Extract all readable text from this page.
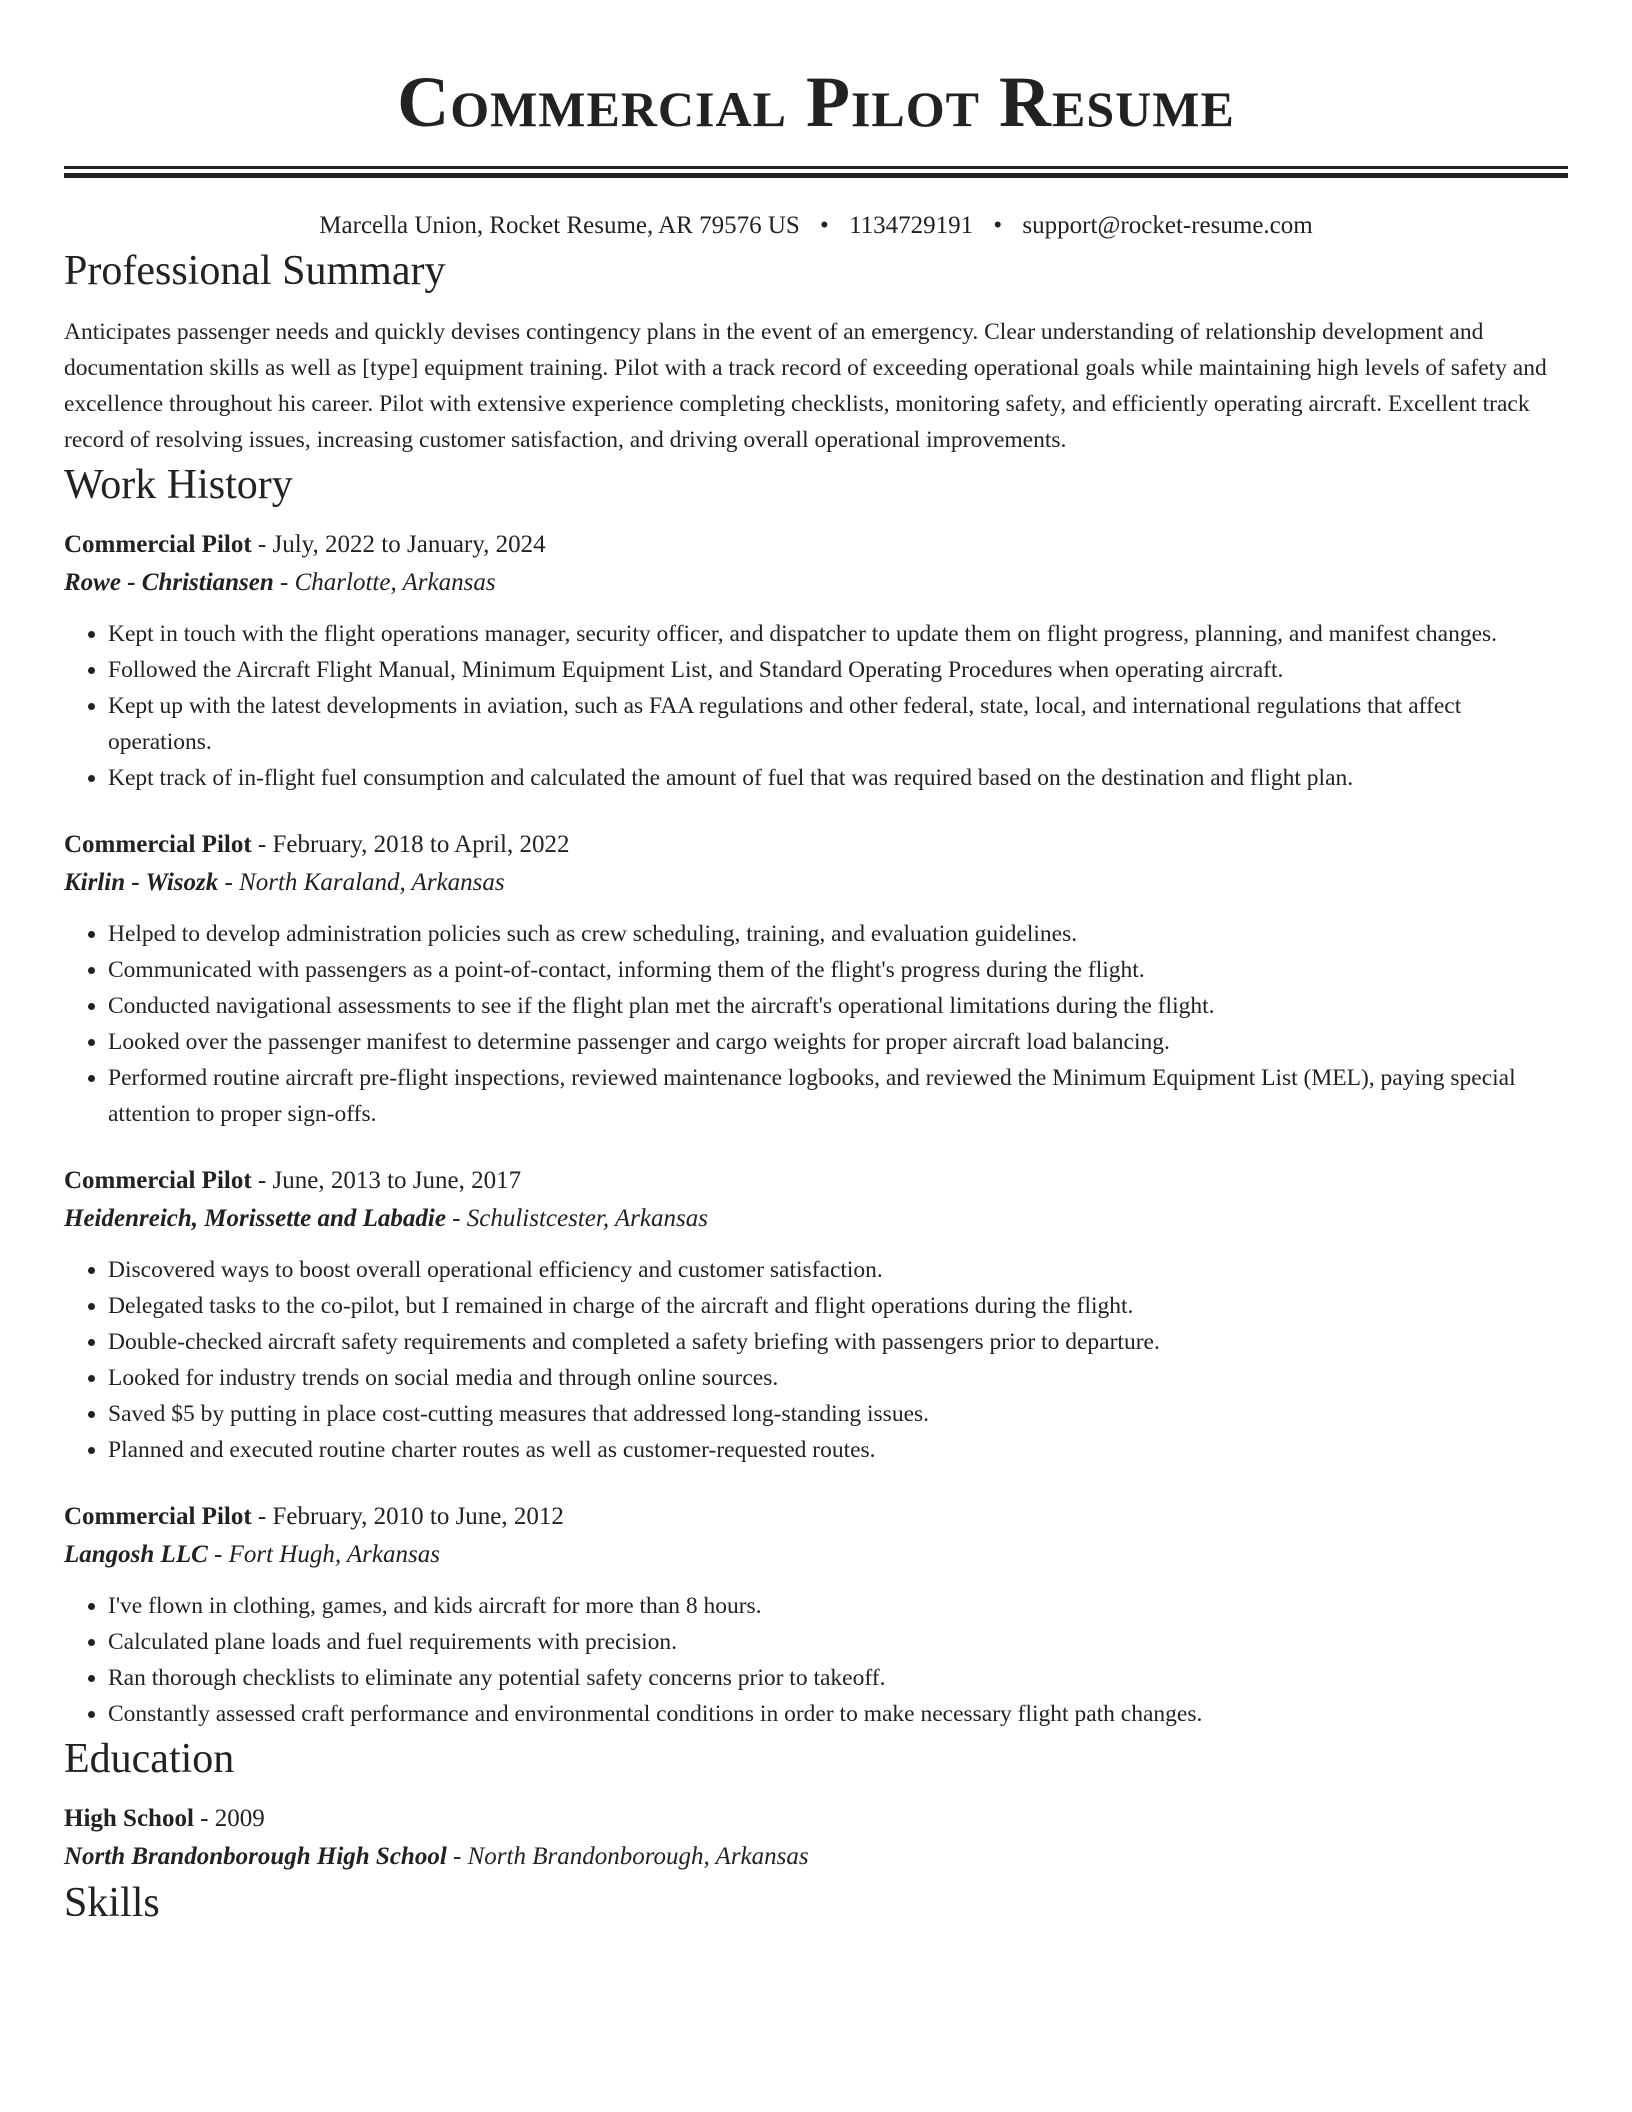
Commercial Pilot Resume
Marcella Union, Rocket Resume, AR 79576 US • 1134729191 • support@rocket-resume.com
Professional Summary
Anticipates passenger needs and quickly devises contingency plans in the event of an emergency. Clear understanding of relationship development and documentation skills as well as [type] equipment training. Pilot with a track record of exceeding operational goals while maintaining high levels of safety and excellence throughout his career. Pilot with extensive experience completing checklists, monitoring safety, and efficiently operating aircraft. Excellent track record of resolving issues, increasing customer satisfaction, and driving overall operational improvements.
Work History
Commercial Pilot - July, 2022 to January, 2024
Rowe - Christiansen - Charlotte, Arkansas
• Kept in touch with the flight operations manager, security officer, and dispatcher to update them on flight progress, planning, and manifest changes.
• Followed the Aircraft Flight Manual, Minimum Equipment List, and Standard Operating Procedures when operating aircraft.
• Kept up with the latest developments in aviation, such as FAA regulations and other federal, state, local, and international regulations that affect operations.
• Kept track of in-flight fuel consumption and calculated the amount of fuel that was required based on the destination and flight plan.
Commercial Pilot - February, 2018 to April, 2022
Kirlin - Wisozk - North Karaland, Arkansas
• Helped to develop administration policies such as crew scheduling, training, and evaluation guidelines.
• Communicated with passengers as a point-of-contact, informing them of the flight's progress during the flight.
• Conducted navigational assessments to see if the flight plan met the aircraft's operational limitations during the flight.
• Looked over the passenger manifest to determine passenger and cargo weights for proper aircraft load balancing.
• Performed routine aircraft pre-flight inspections, reviewed maintenance logbooks, and reviewed the Minimum Equipment List (MEL), paying special attention to proper sign-offs.
Commercial Pilot - June, 2013 to June, 2017
Heidenreich, Morissette and Labadie - Schulistcester, Arkansas
• Discovered ways to boost overall operational efficiency and customer satisfaction.
• Delegated tasks to the co-pilot, but I remained in charge of the aircraft and flight operations during the flight.
• Double-checked aircraft safety requirements and completed a safety briefing with passengers prior to departure.
• Looked for industry trends on social media and through online sources.
• Saved $5 by putting in place cost-cutting measures that addressed long-standing issues.
• Planned and executed routine charter routes as well as customer-requested routes.
Commercial Pilot - February, 2010 to June, 2012
Langosh LLC - Fort Hugh, Arkansas
• I've flown in clothing, games, and kids aircraft for more than 8 hours.
• Calculated plane loads and fuel requirements with precision.
• Ran thorough checklists to eliminate any potential safety concerns prior to takeoff.
• Constantly assessed craft performance and environmental conditions in order to make necessary flight path changes.
Education
High School - 2009
North Brandonborough High School - North Brandonborough, Arkansas
Skills
